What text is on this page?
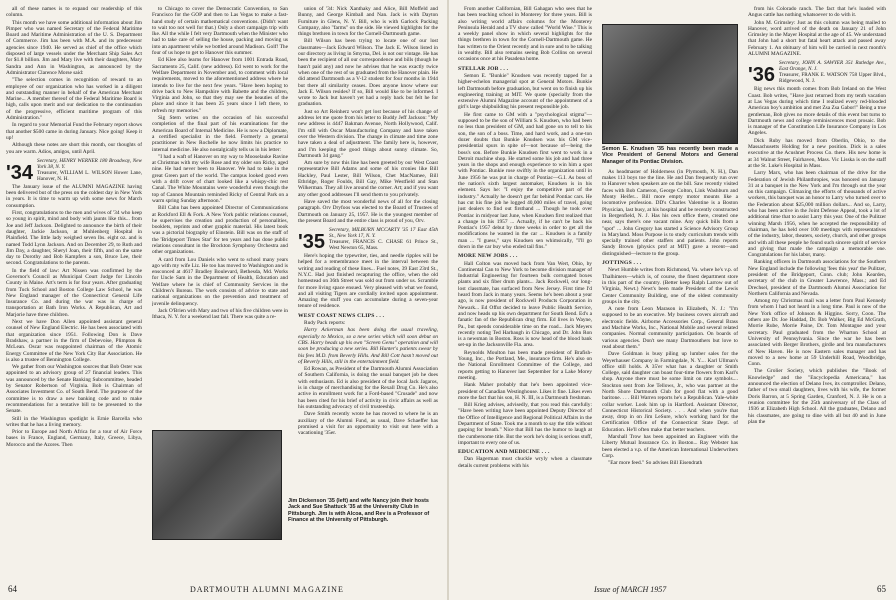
all of these names is to expand our readership of this column.

This month we have some additional information about Jim Pimper who was named Secretary of the Federal Maritime Board and Maritime Administration of the U. S. Department of Commerce. Jim has been with M.A. and its predecessor agencies since 1940. He served as chief of the office which disposed of large vessels under the Merchant Ship Sales Act for $1.8 billion. Jim and Mary live with their daughters, Mary Sandra and Ann in Washington, as announced by the Administrator Clarence Morse said:

"The selection comes in recognition of reward to an employee of our organization who has worked in a diligent and outstanding manner in behalf of the American Merchant Marine... A member thereof of the Federal Maritime Board is high, calls upon merit and our dedication to the continuation of the progressive, efficient maritime program of this Administration."

In regard to your Memorial Fund the February report shows that another $500 came in during January. Nice going! Keep it up!

Although these notes are short this month, our thoughts of you are warm. Adios, amigos, until April.

'34
Secretary, HENRY WERNER 180 Broadway, New York 38, N. Y.
Treasurer, WILLIAM L. WILSON Hower Lane, Hanover, N. H.

The January issue of the ALUMNI MAGAZINE having been delivered but of the press on the coldest day in New York in years. It is time to warm up with some news for March consumption.

First, congratulations to the men and wives of '34 who keep so young in spirit, mind and body with jaunts like this... from Joe and Jeff Jackson. Delighted to announce the birth of their daughter, Jackie Jackson, at Muhlenberg Hospital in Plainfield. The little lady weighed seven lbs. eight oz. and is named Todd Lynn Jackson. And on December 29, to Ruth and Jim Day, a daughter, Sheryl Joan, their fifth, and on the same day to Dorothy and Bob Kampfers a son, Bruce Lee, their second. Congratulations to the parents.

In the field of law: Art Nissen was confirmed by the Governor's Council as Municipal Court Judge for Lincoln County in Maine. Art's term is for four years. After graduating from Tuck School and Boston College Law School, he was New England manager of the Connecticut General Life Insurance Co. and during the war was in charge of transportation at Bath Iron Works. A Republican, Art and Marjorie have three children.

Next we have Don Allen appointed assistant general counsel of New England Electric. He has been associated with that organization since 1951. Following Don is Dave Bradshaw, a partner in the firm of Debevoise, Plimpton & McLean. Oscar was reappointed chairman of the Atomic Energy Committee of the New York City Bar Association. He is also a trustee of Bennington College.

We gather from our Washington sources that Bob Oster was appointed to an advisory group of 27 financial leaders. This was announced by the Senate Banking Subcommittee, headed by Senator Robertson of Virginia. Bob is Chairman of Associates Investment Co. of South Bend. The purpose of the committee is to draw a new banking code and to make recommendations for a tentative bill to be presented to the Senate.

Still in the Washington spotlight is Ernie Barcella who writes that he has a living memory.

Prior to Europe and North Africa for a tour of Air Force bases in France, England, Germany, Italy, Greece, Libya, Morocco and the Azores. Then

to Chicago to cover the Democratic Convention, to San Francisco for the GOP and then to Las Vegas to make a fast-hand study of certain mathematical conventions. (Didn't want to wait too not well for that.) Only a short campaign trip with Ike. All the while I felt very Dartmouth when the Minister who had to take care of selling the house, packing and moving us into an apartment while we bottled around Madison. Golf! The four of us hope to get to Hanover this summer.

Ed Klee also learns for Hanover from 1001 Entrada Road, Sacramento 25, Calif. (new address). Ed went to work for the Welfare Department in November and, to comment with local requirements, moved to the aforementioned address where he intends to live for the next few years. "Have been hoping to drive back to New Hampshire with Babette and the children, Virginia and John, so that they may see the beauties of the place and since it has been 25 years since I left there, to refresh my memories."

Sig Stern writes on the occasion of his successful completion of the final part of his examinations for the American Board of Internal Medicine. He is now a Diplomate, a certified specialist in the field. Formerly a general practitioner in New Rochelle he now limits his practice to internal medicine. He also nostalgically tells us in his letter:

"I had a waft of Hanover on my way to Mooselauke Ravine at Christmas with my wife Rose and my older son Ricky, aged nine. He had never been to Hanover. We had to take in the great Green part of the world. The campus looked good even with a drift cover of chart looked like a whispy-chic rest Canal. The White Mountains were wonderful even though the top of Cannon Mountain reminded Ricky of Central Park on a warm spring Sunday afternoon."

Bill Cahn has been appointed Director of Communications at Rockford Ell & Fork. A New York public relations counsel, he supervises the creation and production of personalities, booklets, reprints and other graphic material. His latest book was a pictorial biography of Einstein. Bill was on the staff of the 'Bridgeport Times Star' for ten years and has done public relations consultant in the Brockton Symphony Orchestra and other organizations.

A card from Lou Daniels who went to school many years ago with my wife Liz. He too has moved to Washington and is ensconced at 4617 Bradley Boulevard, Bethesda, Md. Works for Uncle Sam in the Department of Health, Education and Welfare where he is chief of Community Services in the Children's Bureau. The work consists of advice to state and national organizations on the prevention and treatment of juvenile delinquency.

Jack O'Brien with Mary and two of his five children were in Ithaca, N. Y. for a weekend last fall. There was quite a re-

union of '34: Nick Xanthaky and Alice, Bill Moffeld and Bunny, and George Kimball and Nan. Jack is with Dayton Furniture in Glens, N. Y. Bill, who is with Garlock Packing Company, also "farms" on the side. He viewed highlights for the things brethren in town for the Cornell-Dartmouth game.

Bill Wilson has been trying to locate one of our lost classmates—Jack Edward Wilson. The Jack E. Wilson listed in our directory as living in Smyrna, Del. is not our vintage. He has been the recipient of all our correspondence and bills (though he hasn't paid any) and now he advises that he was exactly twice when one of the rest of us graduated from the Hanover plain. He did attend Dartmouth as a V-12 student for four months in 1944 but there all similarity ceases. Does anyone know where our Jack E. Wilson resides? If so, Bill would like to be informed. I wrote to Jack but haven't yet had a reply back but felt he for graduation.

Just so Art Reinherz won't get lost because of his change of address let me quote from his letter to Buddy Jeff Jackson: "My new address is 4447 Bakman Avenue, North Hollywood, Calif. I'm still with Oscar Manufacturing Company and have taken over the Western division. The change in climate and time zone have taken a deal of adjustment. The family here is, however, and I'm keeping the good things about sunny climate. So, Dartmouth 34 gang."

Am sure by now this line has been greeted by our West Coast representative Bill Adams and some of his cronies like Bill Hackley, Paul Lester, Bill Wilson, Chet MacNamee, Bill Ethridge, Roger Foulds, Bill Gay, Mike Westfield and Stan Wilkerman. They all live around the corner. Art; and if you want any other good addresses I'll send them to you privately.

Have saved the most wonderful news of all for the closing paragraph. Orv Dryfoos was elected to the Board of Trustees of Dartmouth on January 25, 1957. He is the youngest member of the present Board and the entire class is proud of you, Orv.

'35
Secretary, MILBURN MCCARTY '35 17 East 45th St., New York 17, N. Y.
Treasurer, FRANCIS C. CHASE 61 Prince St., West Newton 65, Mass.

Here's hoping the typewriter, ties, and needle ripples will be helped for a remembrance meet in the interval between the writing and reading of these lines... Fuel notes, 39 East 23rd St., N.Y.C. Had just finished recapturing the office, when the old homestead on 36th Street was sold out from under us. Scramble for more living space ensued. Very pleased with what we found, and all visiting Tigers are cordially invited upon appointment. Amazing the stuff you can accumulate during a seven-year tenure of residence.

WEST COAST NEWS CLIPS . . .

Rudy Pack reports:

Harry Ackerman has been doing the usual traveling, especially to Mexico, so a new series which will soon debut on CBS. Harry heads up his own "Screen Gems" operation and will soon be producing a new series. Bill Hunter's patients swear by his fees M.D. from Beverly Hills. And Bill Cott hasn't moved out of Beverly Hills, still in the entertainment field.

Ed Rowan, as President of the Dartmouth Alumni Association of Southern California, is doing the usual banquet job he does with enthusiasm. Ed is also president of the local Jack Jagaros, is in charge of merchandising for the Rexall Drug Co. He's also active in enrollment work for a Ford-based "Crusade" and now has been cited for his brief of activity in civic affairs as well as his outstanding advocacy of civil trusteeship.

Dave Smith recently wrote he has moved to where he is an auxiliary of the Alumni Fund, as usual, Dave Schaeffer has promised a visit for an opportunity to visit out here with a vacationing '35er.

Jim Dickenson '35 (left) and wife Nancy join their hosts Jack and Sue Shattuck '35 at the University Club in Pittsburgh. Jim is with Alcoa, and Rev is a Professor of Finance at the University of Pittsburgh.
64	DARTMOUTH ALUMNI MAGAZINE

From another Californian, Bill Gahagan who sees that he has been teaching school in Monterey for three years. Bill is also writing world affairs columns for the Monterey Peninsula Herald and a TV show called "World Wise." This is a weekly panel show in which several highlights for the things brethren in town for the Cornell-Dartmouth game. He has written to the Orient recently and in sure and to be talking in wealthy. Bill also remains seeing Bob Collins on several occasions once at his Pasadena home.

STELLAR JOB . . .

Semon E. "Bunkie" Knudsen was recently tapped for a higher-echelon managerial spot at General Motors. Bunkie left Dartmouth before graduation, but went on to finish up his engineering training at MIT. We quote (specially from the extensive Alumni Magazine account of the appointment of a girl's large shipbuilding his present responsible job.

He first came to GM with a "psychological stigma"—supposed to be the son of William S. Knudsen, who had been no less than president of GM, and had gone on to tell to his son, the son of a boss. Time, and hard work, and a one-ton dozer doubts that Bunkie Knudsen was his GM vice-presidential spurs in spite of—not because of—being the boss's son. Before Bunkie Knudsen first went to work in a Detroit machine shop. He started some his job and had three years in the shops and enough experience to win him a spot with Pontiac. Bunkie rose swiftly in the organization until in June 1956 he was put in charge of Pontiac—G.I. As boss of the nation's sixth largest automaker, Knudsen is in his element. Says he: "I enjoy the competitive part of the industry." Actually he doesn't get far behind Pontiac cars. He has cut his fine job he logged 40,000 miles of travel, going just dealers to find out firsthand ... Though he took over Pontiac in midyear last June, when Knudsen first realized that a change in his 1957 ... Actually, if he can't be back his Pontiac's 1957 debut by three weeks in order to get all the modifications he wanted in the car ... Knudsen is a family man ... "I guess," says Knudsen sen whimsically, "I'll go down in the car buy who ended tail fins."

MORE NEW JOBS . . .

Hall Colton was moved back from Van Wert, Ohio, by Continental Can to New York to become division manager of Industrial Engineering for fourteen bulk corrugated boxes plants and six fiber drum plants... Jack Rockwell, our long-lost classmate, has surfaced from New Jersey. First time I'd heard from Jack in many years. Seems he's been about a year ago, is now president of Rockwell Products Corporation in Newark... Ed Offut decided to leave Public Health Service, and now heads up his own department for South Bend. Ed's a fanatic fan of the Republican drug firm. Ed lives in Wayne, Pa., but spends considerable time on the road... Jack Meyers recently noting Ted Harbaugh in Chicago, and Dr. John Ron is a newsman in Boston. Ross is now head of the blood bank set-up in the Jacksonville Fla. area.

Reynolds Moulton has been made president of Brafish-Young, Inc., the Portland, Me., insurance firm. He's also on the National Enrollment Committee of the College, and reports getting to Hanover last September for a Lake Morey meeting.

Hank Maher probably that he's been appointed vice-president of Canadian Westinghouse. Likes it fine. Likes even more the fact that his son, H. N. III, is a Dartmouth freshman.

Bill Krieg advises, advisedly, that you read this carefully: "Have been writing have been appointed Deputy Director of the Office of Intelligence and Regional Political Affairs in the Department of State. Took me a month to say the title without gasping for breath." Nice that Bill has the humor to laugh at the cumbersome title. But the work he's doing is serious stuff, important to every one of us.

EDUCATION AND MEDICINE . . .

Dan Hagerman must chuckle wryly when a classmate details current problems with his

Semon E. Knudsen '35 has recently been made a Vice President of General Motors and General Manager of its Pontiac Division.

As headmaster of Holderness (in Plymouth, N. H.), Dan makes 113 boys toe the line. He and Dan frequently run over to Hanover when speakers are on the bill. Saw recently visited faces with Bob Cameron, George Colton, Link Washburn and Monty Heifer... Bill more empty motor mounts like a locomotive profession. DD's Charles Valentine is a Boston Physician, last busy, at his hospital and be recently constructed in Bergenfield, N. J. Has his own office there, created one near, says there's one vacant mine. Any quick bills from a "spot" ... John Gregory has started a Science Advisory Group in Maryland. Moss Purpose is to study curriculum trends with specially trained other staffers and patients. John reports Sandy Brown (physics prof at MIT) gave a recent—and distinguished—lecture to the group.

JOTTINGS . . .

Newt Humble writes from Richmond, Va. where he's v.p. of Thalhimers—which is, of course, the finest department store in this part of the country. (Better keep Ralph Larrow out of Virginia, Newt.) Newt's been made President of the Lewis Center Community Building, one of the oldest community groups in the city.

A note from Leon Marason in Elizabeth, N. J.: "I'm supposed to be an executive. My business covers aircraft and electronic fields. Airborne Accessories Corp., General Brass and Machine Works, Inc., National Mobile and several related companies. Normal community participation. On boards of various agencies. Don't see many Dartmouthers but love to read about them."

Dave Goldman is busy piling up lumber sales for the Weyerhauser Company in Farmingdale, N. Y.... Karl Ullman's office still holds. A 35'er what has a daughter or Smith College, said daughter can boast four-time flowers from Karl's shop. Anyone there must be some limit on rate symbols.... Stockton sent from Joe Tellows, Jr., who was partner at the North Shore Dartmouth Club for good flat with a good baritone. . . . Bill Warren reports he's a Republican. Yale-white collar worker. Look him up in Hartford. Assistant Director, Connecticut Historical Society. . . . And when you're that away, drop in on Jim LeSure, who's working hard for the Certification Office of the Connecticut State Dept. of Education. He'll often make that better teachers.

Marshall Trow has been appointed an Engineer with the Liberty Mutual Insurance Co. in Boston... Ray Webster has been elected a v.p. of the American International Underwriters Corp.

"Ear more feed." So advises Bill Eisendrath

from his Colorado ranch. The fact that he's loaded with Angus cattle has nothing whatsoever to do with it.

John M. Grimsley: Just as this column was being mailed to Hanover, word arrived of the death on January 21 of John Grimsley in the Mayer Hospital at the age of 45. We understand that John had a short but fatal heart attack and passed away February 1. An obituary of him will be carried in next month's ALUMNI MAGAZINE.

'36
Secretary, JOHN A. SAWYER 351 Rutledge Ave., East Orange, N. J.
Treasurer, FRANK E. WATSON 758 Upper Blvd., Ridgewood, N. J.

Big news this month comes from Bob Ireland on the West Coast. Bob writes, "Have just returned from my tenth vacation at Las Vegas during which time I realized every red-blooded American boy's ambition and met Zsa Zsa Gabor!" Being a true gentleman, Bob gives no more details of this event but turns to Dartmouth news and college reminiscences most prosaic. Bob is manager of the Constitution Life Insurance Company in Los Angeles.

Dick Ruby has moved from Oberlin, Ohio, to the Massachusetts Holding for a new position. Dick is a sales executive at the Acushnet Process Co. there. His new home is at 34 Walnut Street, Fairhaven, Mass. Vic Lisska is on the staff at the St. Luke's Hospital in Mass.

Larry Marx, who has been chairman of the drive for the Federation of Jewish Philanthropies, was honored on January 31 at a banquet in the New York and I'm through out the year on this campaign. Climaxing the efforts of thousands of active workers, this banquet was an honor to Larry who turned over to the Federation about $25,000 million dollars... And so, Larry, who has been active in the Joint Defense Appeal, took a lot of additional time that to assist Larry this year. One of the Pulitzer winning Marsh 1956, when he accepted the responsibility of chairman, he has held over 100 meetings with representatives of the industry, labor, theaters, society, church, and other groups and with all these people he found such sincere spirit of service and giving that made the campaign a memorable one. Congratulations for his labor, many.

Ranking officers in Dartmouth associations for the Southern New England include the following 'fees this year' the Pulitzer, president of the Bridgeport, Conn. club; John Kearden, secretary of the club in Greater Lawrence, Mass.; and Ed Drechsel, president of the Dartmouth Alumni Association for Northern California and Nevada.

Among my Christmas mail was a letter from Paul Kennedy from whom I had not heard in a long time. Paul is now of the New York office of Johnson & Higgins. Sorry, Coon. The others are Dr. Joe Haddad, Dr. Bob Walker, Big Ed McGrath, Morrie Rube, Morrie Paine, Dr. Tom Montague and your secretary. Paul graduated from the Wharton School at University of Pennsylvania. Since the war he has been associated with Berger Brothers, girdle and bra manufacturers of New Haven. He is now Eastern sales manager and has moved to a new home at 59 Underhill Road, Woodbridge, Conn.

The Grolier Society, which publishes the "Book of Knowledge" and the "Encyclopedia Americana," has announced the election of Delano Ives, its comptroller. Delano, father of two small daughters, lives with his wife, the former Doris Barron, at 5 Spring Garden, Cranford, N. J. He is on a reunion committee for the 25th anniversary of the Class of 1936 at Elizabeth High School. All the graduates, Delano and his classmates, are going to dine with all but 40 and in June plan the

Issue of MARCH 1957	65
